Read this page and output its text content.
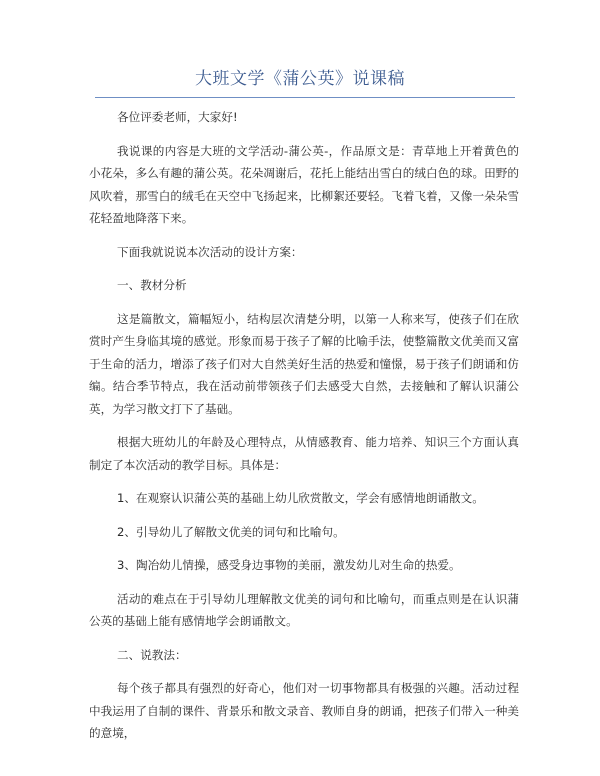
大班文学《蒲公英》说课稿

各位评委老师，大家好!

我说课的内容是大班的文学活动-蒲公英-，作品原文是：青草地上开着黄色的小花朵，多么有趣的蒲公英。花朵凋谢后，花托上能结出雪白的绒白色的球。田野的风吹着，那雪白的绒毛在天空中飞扬起来，比柳絮还要轻。飞着飞着，又像一朵朵雪花轻盈地降落下来。

下面我就说说本次活动的设计方案：

一、教材分析

这是篇散文，篇幅短小，结构层次清楚分明，以第一人称来写，使孩子们在欣赏时产生身临其境的感觉。形象而易于孩子了解的比喻手法，使整篇散文优美而又富于生命的活力，增添了孩子们对大自然美好生活的热爱和憧憬，易于孩子们朗诵和仿编。结合季节特点，我在活动前带领孩子们去感受大自然，去接触和了解认识蒲公英，为学习散文打下了基础。

根据大班幼儿的年龄及心理特点，从情感教育、能力培养、知识三个方面认真制定了本次活动的教学目标。具体是：

1、在观察认识蒲公英的基础上幼儿欣赏散文，学会有感情地朗诵散文。

2、引导幼儿了解散文优美的词句和比喻句。

3、陶冶幼儿情操，感受身边事物的美丽，激发幼儿对生命的热爱。

活动的难点在于引导幼儿理解散文优美的词句和比喻句，而重点则是在认识蒲公英的基础上能有感情地学会朗诵散文。

二、说教法：

每个孩子都具有强烈的好奇心，他们对一切事物都具有极强的兴趣。活动过程中我运用了自制的课件、背景乐和散文录音、教师自身的朗诵，把孩子们带入一种美的意境，
